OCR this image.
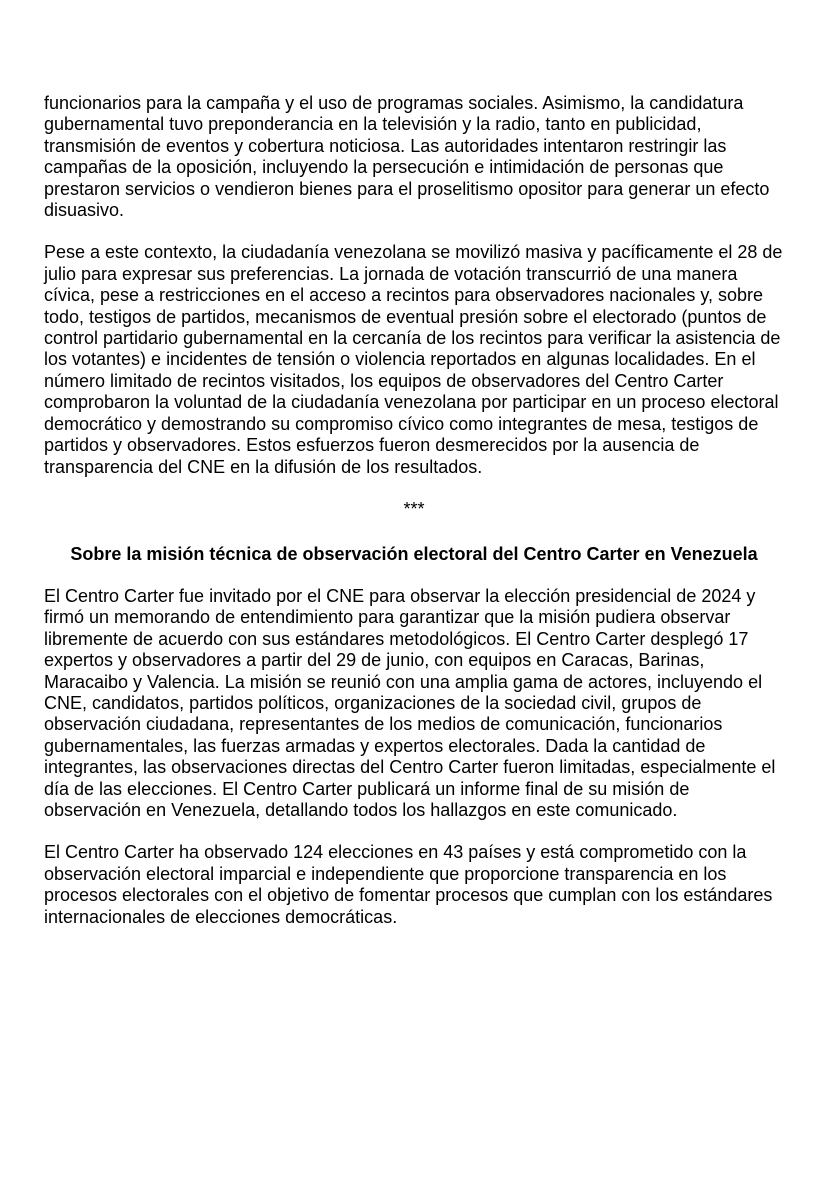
funcionarios para la campaña y el uso de programas sociales. Asimismo, la candidatura gubernamental tuvo preponderancia en la televisión y la radio, tanto en publicidad, transmisión de eventos y cobertura noticiosa. Las autoridades intentaron restringir las campañas de la oposición, incluyendo la persecución e intimidación de personas que prestaron servicios o vendieron bienes para el proselitismo opositor para generar un efecto disuasivo.

Pese a este contexto, la ciudadanía venezolana se movilizó masiva y pacíficamente el 28 de julio para expresar sus preferencias. La jornada de votación transcurrió de una manera cívica, pese a restricciones en el acceso a recintos para observadores nacionales y, sobre todo, testigos de partidos, mecanismos de eventual presión sobre el electorado (puntos de control partidario gubernamental en la cercanía de los recintos para verificar la asistencia de los votantes) e incidentes de tensión o violencia reportados en algunas localidades. En el número limitado de recintos visitados, los equipos de observadores del Centro Carter comprobaron la voluntad de la ciudadanía venezolana por participar en un proceso electoral democrático y demostrando su compromiso cívico como integrantes de mesa, testigos de partidos y observadores. Estos esfuerzos fueron desmerecidos por la ausencia de transparencia del CNE en la difusión de los resultados.

***
Sobre la misión técnica de observación electoral del Centro Carter en Venezuela

El Centro Carter fue invitado por el CNE para observar la elección presidencial de 2024 y firmó un memorando de entendimiento para garantizar que la misión pudiera observar libremente de acuerdo con sus estándares metodológicos. El Centro Carter desplegó 17 expertos y observadores a partir del 29 de junio, con equipos en Caracas, Barinas, Maracaibo y Valencia. La misión se reunió con una amplia gama de actores, incluyendo el CNE, candidatos, partidos políticos, organizaciones de la sociedad civil, grupos de observación ciudadana, representantes de los medios de comunicación, funcionarios gubernamentales, las fuerzas armadas y expertos electorales. Dada la cantidad de integrantes, las observaciones directas del Centro Carter fueron limitadas, especialmente el día de las elecciones. El Centro Carter publicará un informe final de su misión de observación en Venezuela, detallando todos los hallazgos en este comunicado.

El Centro Carter ha observado 124 elecciones en 43 países y está comprometido con la observación electoral imparcial e independiente que proporcione transparencia en los procesos electorales con el objetivo de fomentar procesos que cumplan con los estándares internacionales de elecciones democráticas.
